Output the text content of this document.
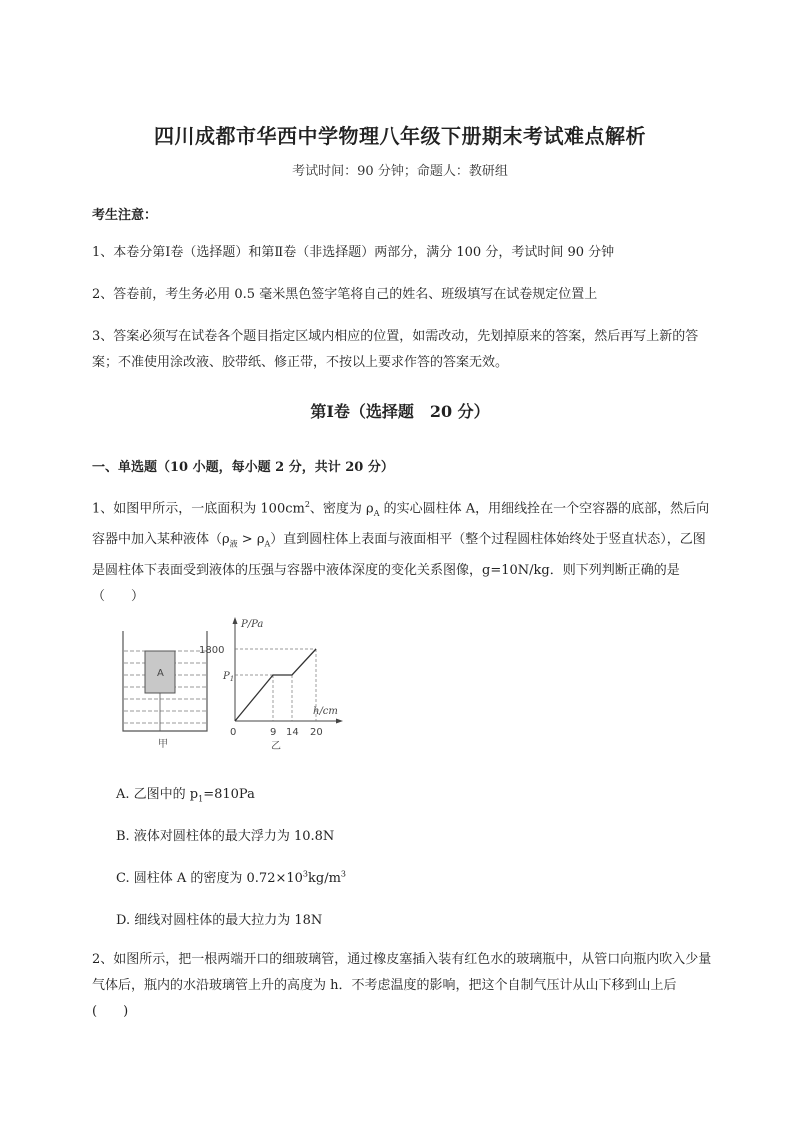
四川成都市华西中学物理八年级下册期末考试难点解析
考试时间：90 分钟；命题人：教研组
考生注意：
1、本卷分第Ⅰ卷（选择题）和第Ⅱ卷（非选择题）两部分，满分 100 分，考试时间 90 分钟
2、答卷前，考生务必用 0.5 毫米黑色签字笔将自己的姓名、班级填写在试卷规定位置上
3、答案必须写在试卷各个题目指定区域内相应的位置，如需改动，先划掉原来的答案，然后再写上新的答案；不准使用涂改液、胶带纸、修正带，不按以上要求作答的答案无效。
第Ⅰ卷（选择题　20 分）
一、单选题（10 小题，每小题 2 分，共计 20 分）
1、如图甲所示，一底面积为 $100cm^2$、密度为 $\rho_A$ 的实心圆柱体 A，用细线拴在一个空容器的底部，然后向容器中加入某种液体$(\rho_液 > \rho_A)$直到圆柱体上表面与液面相平（整个过程圆柱体始终处于竖直状态），乙图是圆柱体下表面受到液体的压强与容器中液体深度的变化关系图像，g=10N/kg．则下列判断正确的是（　　）
A
甲
P/Pa
h/cm
1800
$P_1$
0	9 14 20
乙
A. 乙图中的 $p_1=810Pa$
B. 液体对圆柱体的最大浮力为 10.8N
C. 圆柱体 A 的密度为 $0.72\times 10^3kg/m^3$
D. 细线对圆柱体的最大拉力为 18N
2、如图所示，把一根两端开口的细玻璃管，通过橡皮塞插入装有红色水的玻璃瓶中，从管口向瓶内吹入少量气体后，瓶内的水沿玻璃管上升的高度为 h．不考虑温度的影响，把这个自制气压计从山下移到山上后(　　)
